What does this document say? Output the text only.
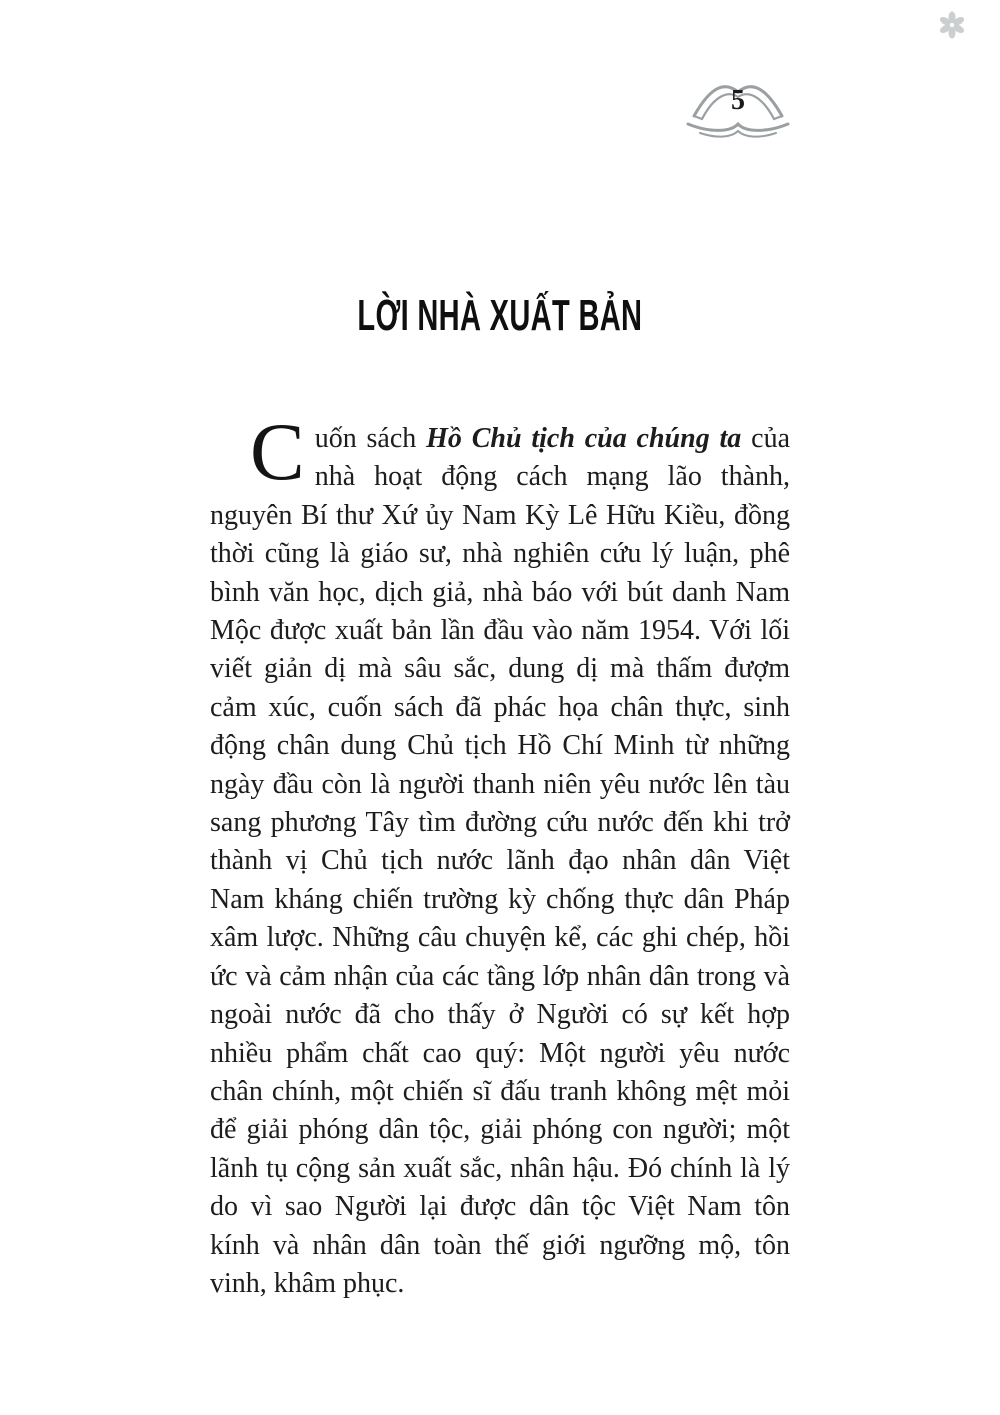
5
LỜI NHÀ XUẤT BẢN

Cuốn sách Hồ Chủ tịch của chúng ta của nhà hoạt động cách mạng lão thành, nguyên Bí thư Xứ ủy Nam Kỳ Lê Hữu Kiều, đồng thời cũng là giáo sư, nhà nghiên cứu lý luận, phê bình văn học, dịch giả, nhà báo với bút danh Nam Mộc được xuất bản lần đầu vào năm 1954. Với lối viết giản dị mà sâu sắc, dung dị mà thấm đượm cảm xúc, cuốn sách đã phác họa chân thực, sinh động chân dung Chủ tịch Hồ Chí Minh từ những ngày đầu còn là người thanh niên yêu nước lên tàu sang phương Tây tìm đường cứu nước đến khi trở thành vị Chủ tịch nước lãnh đạo nhân dân Việt Nam kháng chiến trường kỳ chống thực dân Pháp xâm lược. Những câu chuyện kể, các ghi chép, hồi ức và cảm nhận của các tầng lớp nhân dân trong và ngoài nước đã cho thấy ở Người có sự kết hợp nhiều phẩm chất cao quý: Một người yêu nước chân chính, một chiến sĩ đấu tranh không mệt mỏi để giải phóng dân tộc, giải phóng con người; một lãnh tụ cộng sản xuất sắc, nhân hậu. Đó chính là lý do vì sao Người lại được dân tộc Việt Nam tôn kính và nhân dân toàn thế giới ngưỡng mộ, tôn vinh, khâm phục.
